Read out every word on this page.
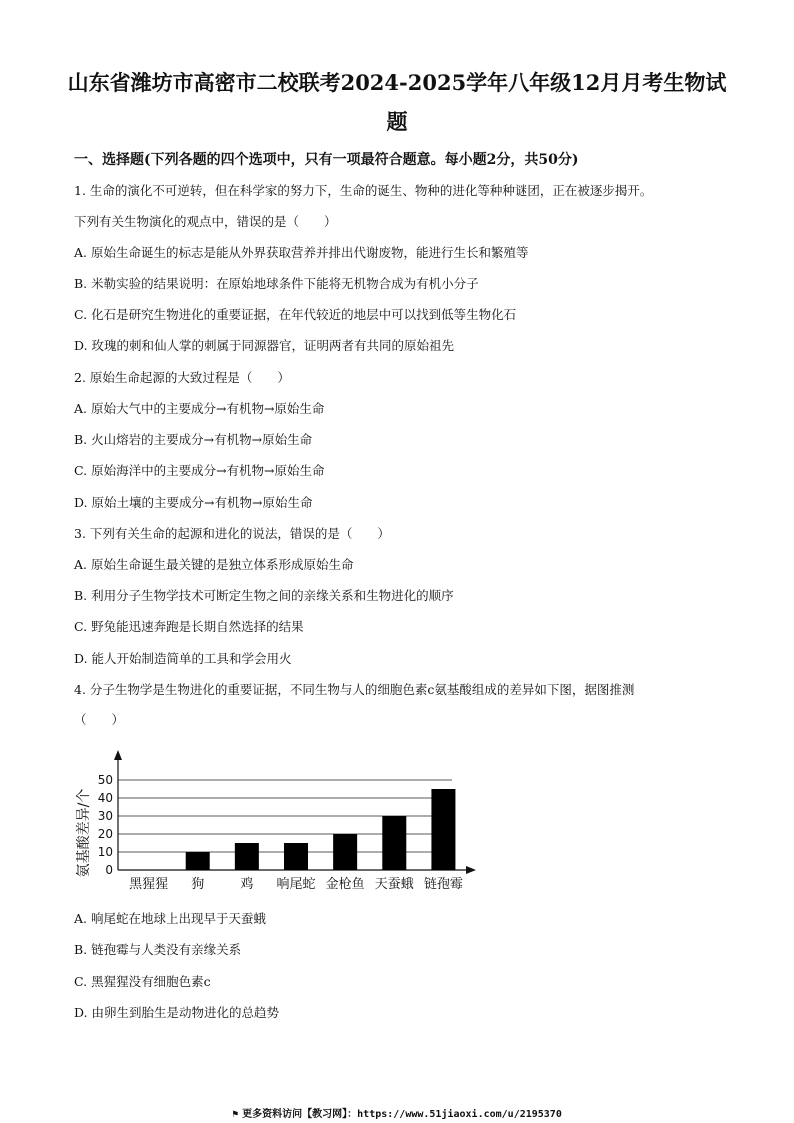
山东省潍坊市高密市二校联考2024-2025学年八年级12月月考生物试
题
一、选择题(下列各题的四个选项中，只有一项最符合题意。每小题2分，共50分)
1. 生命的演化不可逆转，但在科学家的努力下，生命的诞生、物种的进化等种种谜团，正在被逐步揭开。
下列有关生物演化的观点中，错误的是（　　）
A. 原始生命诞生的标志是能从外界获取营养并排出代谢废物，能进行生长和繁殖等
B. 米勒实验的结果说明：在原始地球条件下能将无机物合成为有机小分子
C. 化石是研究生物进化的重要证据，在年代较近的地层中可以找到低等生物化石
D. 玫瑰的刺和仙人掌的刺属于同源器官，证明两者有共同的原始祖先
2. 原始生命起源的大致过程是（　　）
A. 原始大气中的主要成分→有机物→原始生命
B. 火山熔岩的主要成分→有机物→原始生命
C. 原始海洋中的主要成分→有机物→原始生命
D. 原始土壤的主要成分→有机物→原始生命
3. 下列有关生命的起源和进化的说法，错误的是（　　）
A. 原始生命诞生最关键的是独立体系形成原始生命
B. 利用分子生物学技术可断定生物之间的亲缘关系和生物进化的顺序
C. 野兔能迅速奔跑是长期自然选择的结果
D. 能人开始制造简单的工具和学会用火
4. 分子生物学是生物进化的重要证据，不同生物与人的细胞色素c氨基酸组成的差异如下图，据图推测
（　　）
0
10
20
30
40
50
氨基酸差异/个
黑猩猩 狗	鸡 响尾蛇 金枪鱼 天蚕蛾 链孢霉
A. 响尾蛇在地球上出现早于天蚕蛾
B. 链孢霉与人类没有亲缘关系
C. 黑猩猩没有细胞色素c
D. 由卵生到胎生是动物进化的总趋势
⚑ 更多资料访问【教习网】：https://www.51jiaoxi.com/u/2195370
